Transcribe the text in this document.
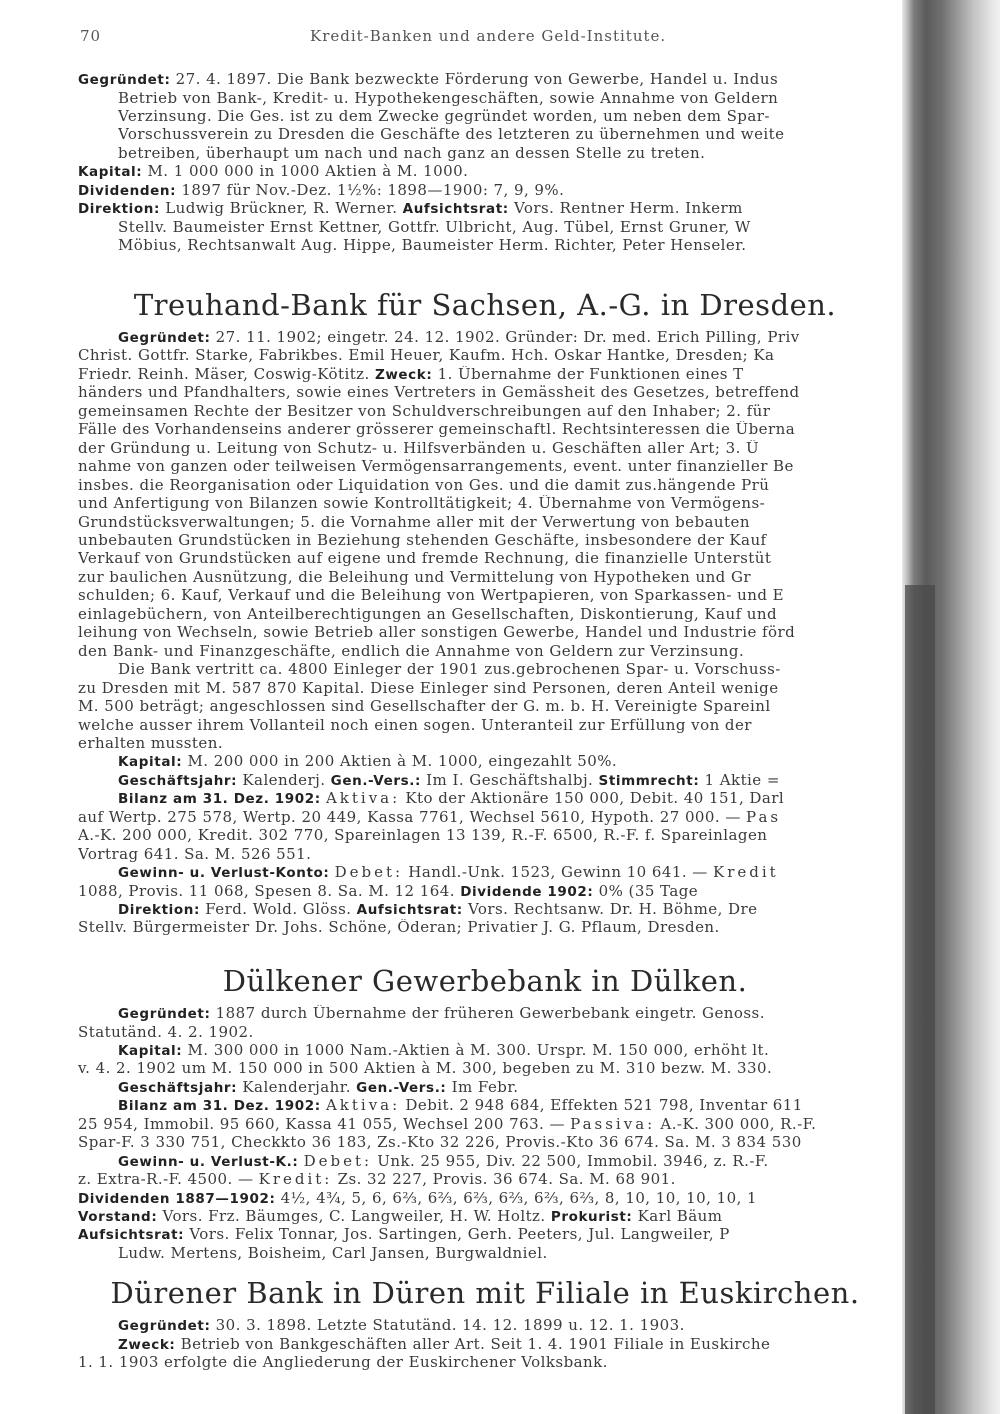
70	Kredit-Banken und andere Geld-Institute.
Gegründet: 27. 4. 1897. Die Bank bezweckte Förderung von Gewerbe, Handel u. Indus
Betrieb von Bank-, Kredit- u. Hypothekengeschäften, sowie Annahme von Geldern
Verzinsung. Die Ges. ist zu dem Zwecke gegründet worden, um neben dem Spar-
Vorschussverein zu Dresden die Geschäfte des letzteren zu übernehmen und weite
betreiben, überhaupt um nach und nach ganz an dessen Stelle zu treten.
Kapital: M. 1 000 000 in 1000 Aktien à M. 1000.
Dividenden: 1897 für Nov.-Dez. 1½%: 1898—1900: 7, 9, 9%.
Direktion: Ludwig Brückner, R. Werner. Aufsichtsrat: Vors. Rentner Herm. Inkerm
Stellv. Baumeister Ernst Kettner, Gottfr. Ulbricht, Aug. Tübel, Ernst Gruner, W
Möbius, Rechtsanwalt Aug. Hippe, Baumeister Herm. Richter, Peter Henseler.
Treuhand-Bank für Sachsen, A.-G. in Dresden.
Gegründet: 27. 11. 1902; eingetr. 24. 12. 1902. Gründer: Dr. med. Erich Pilling, Priv
Christ. Gottfr. Starke, Fabrikbes. Emil Heuer, Kaufm. Hch. Oskar Hantke, Dresden; Ka
Friedr. Reinh. Mäser, Coswig-Kötitz. Zweck: 1. Übernahme der Funktionen eines T
händers und Pfandhalters, sowie eines Vertreters in Gemässheit des Gesetzes, betreffend
gemeinsamen Rechte der Besitzer von Schuldverschreibungen auf den Inhaber; 2. für
Fälle des Vorhandenseins anderer grösserer gemeinschaftl. Rechtsinteressen die Überna
der Gründung u. Leitung von Schutz- u. Hilfsverbänden u. Geschäften aller Art; 3. Ü
nahme von ganzen oder teilweisen Vermögensarrangements, event. unter finanzieller Be
insbes. die Reorganisation oder Liquidation von Ges. und die damit zus.hängende Prü
und Anfertigung von Bilanzen sowie Kontrolltätigkeit; 4. Übernahme von Vermögens-
Grundstücksverwaltungen; 5. die Vornahme aller mit der Verwertung von bebauten
unbebauten Grundstücken in Beziehung stehenden Geschäfte, insbesondere der Kauf
Verkauf von Grundstücken auf eigene und fremde Rechnung, die finanzielle Unterstüt
zur baulichen Ausnützung, die Beleihung und Vermittelung von Hypotheken und Gr
schulden; 6. Kauf, Verkauf und die Beleihung von Wertpapieren, von Sparkassen- und E
einlagebüchern, von Anteilberechtigungen an Gesellschaften, Diskontierung, Kauf und
leihung von Wechseln, sowie Betrieb aller sonstigen Gewerbe, Handel und Industrie förd
den Bank- und Finanzgeschäfte, endlich die Annahme von Geldern zur Verzinsung.
Die Bank vertritt ca. 4800 Einleger der 1901 zus.gebrochenen Spar- u. Vorschuss-
zu Dresden mit M. 587 870 Kapital. Diese Einleger sind Personen, deren Anteil wenige
M. 500 beträgt; angeschlossen sind Gesellschafter der G. m. b. H. Vereinigte Spareinl
welche ausser ihrem Vollanteil noch einen sogen. Unteranteil zur Erfüllung von der
erhalten mussten.
Kapital: M. 200 000 in 200 Aktien à M. 1000, eingezahlt 50%.
Geschäftsjahr: Kalenderj. Gen.-Vers.: Im I. Geschäftshalbj. Stimmrecht: 1 Aktie =
Bilanz am 31. Dez. 1902: Aktiva: Kto der Aktionäre 150 000, Debit. 40 151, Darl
auf Wertp. 275 578, Wertp. 20 449, Kassa 7761, Wechsel 5610, Hypoth. 27 000. — Pas
A.-K. 200 000, Kredit. 302 770, Spareinlagen 13 139, R.-F. 6500, R.-F. f. Spareinlagen
Vortrag 641. Sa. M. 526 551.
Gewinn- u. Verlust-Konto: Debet: Handl.-Unk. 1523, Gewinn 10 641. — Kredit
1088, Provis. 11 068, Spesen 8. Sa. M. 12 164. Dividende 1902: 0% (35 Tage
Direktion: Ferd. Wold. Glöss. Aufsichtsrat: Vors. Rechtsanw. Dr. H. Böhme, Dre
Stellv. Bürgermeister Dr. Johs. Schöne, Öderan; Privatier J. G. Pflaum, Dresden.
Dülkener Gewerbebank in Dülken.
Gegründet: 1887 durch Übernahme der früheren Gewerbebank eingetr. Genoss.
Statutänd. 4. 2. 1902.
Kapital: M. 300 000 in 1000 Nam.-Aktien à M. 300. Urspr. M. 150 000, erhöht lt.
v. 4. 2. 1902 um M. 150 000 in 500 Aktien à M. 300, begeben zu M. 310 bezw. M. 330.
Geschäftsjahr: Kalenderjahr. Gen.-Vers.: Im Febr.
Bilanz am 31. Dez. 1902: Aktiva: Debit. 2 948 684, Effekten 521 798, Inventar 611
25 954, Immobil. 95 660, Kassa 41 055, Wechsel 200 763. — Passiva: A.-K. 300 000, R.-F.
Spar-F. 3 330 751, Checkkto 36 183, Zs.-Kto 32 226, Provis.-Kto 36 674. Sa. M. 3 834 530
Gewinn- u. Verlust-K.: Debet: Unk. 25 955, Div. 22 500, Immobil. 3946, z. R.-F.
z. Extra-R.-F. 4500. — Kredit: Zs. 32 227, Provis. 36 674. Sa. M. 68 901.
Dividenden 1887—1902: 4½, 4¾, 5, 6, 6⅔, 6⅔, 6⅔, 6⅔, 6⅔, 6⅔, 8, 10, 10, 10, 10, 1
Vorstand: Vors. Frz. Bäumges, C. Langweiler, H. W. Holtz. Prokurist: Karl Bäum
Aufsichtsrat: Vors. Felix Tonnar, Jos. Sartingen, Gerh. Peeters, Jul. Langweiler, P
Ludw. Mertens, Boisheim, Carl Jansen, Burgwaldniel.
Dürener Bank in Düren mit Filiale in Euskirchen.
Gegründet: 30. 3. 1898. Letzte Statutänd. 14. 12. 1899 u. 12. 1. 1903.
Zweck: Betrieb von Bankgeschäften aller Art. Seit 1. 4. 1901 Filiale in Euskirche
1. 1. 1903 erfolgte die Angliederung der Euskirchener Volksbank.
